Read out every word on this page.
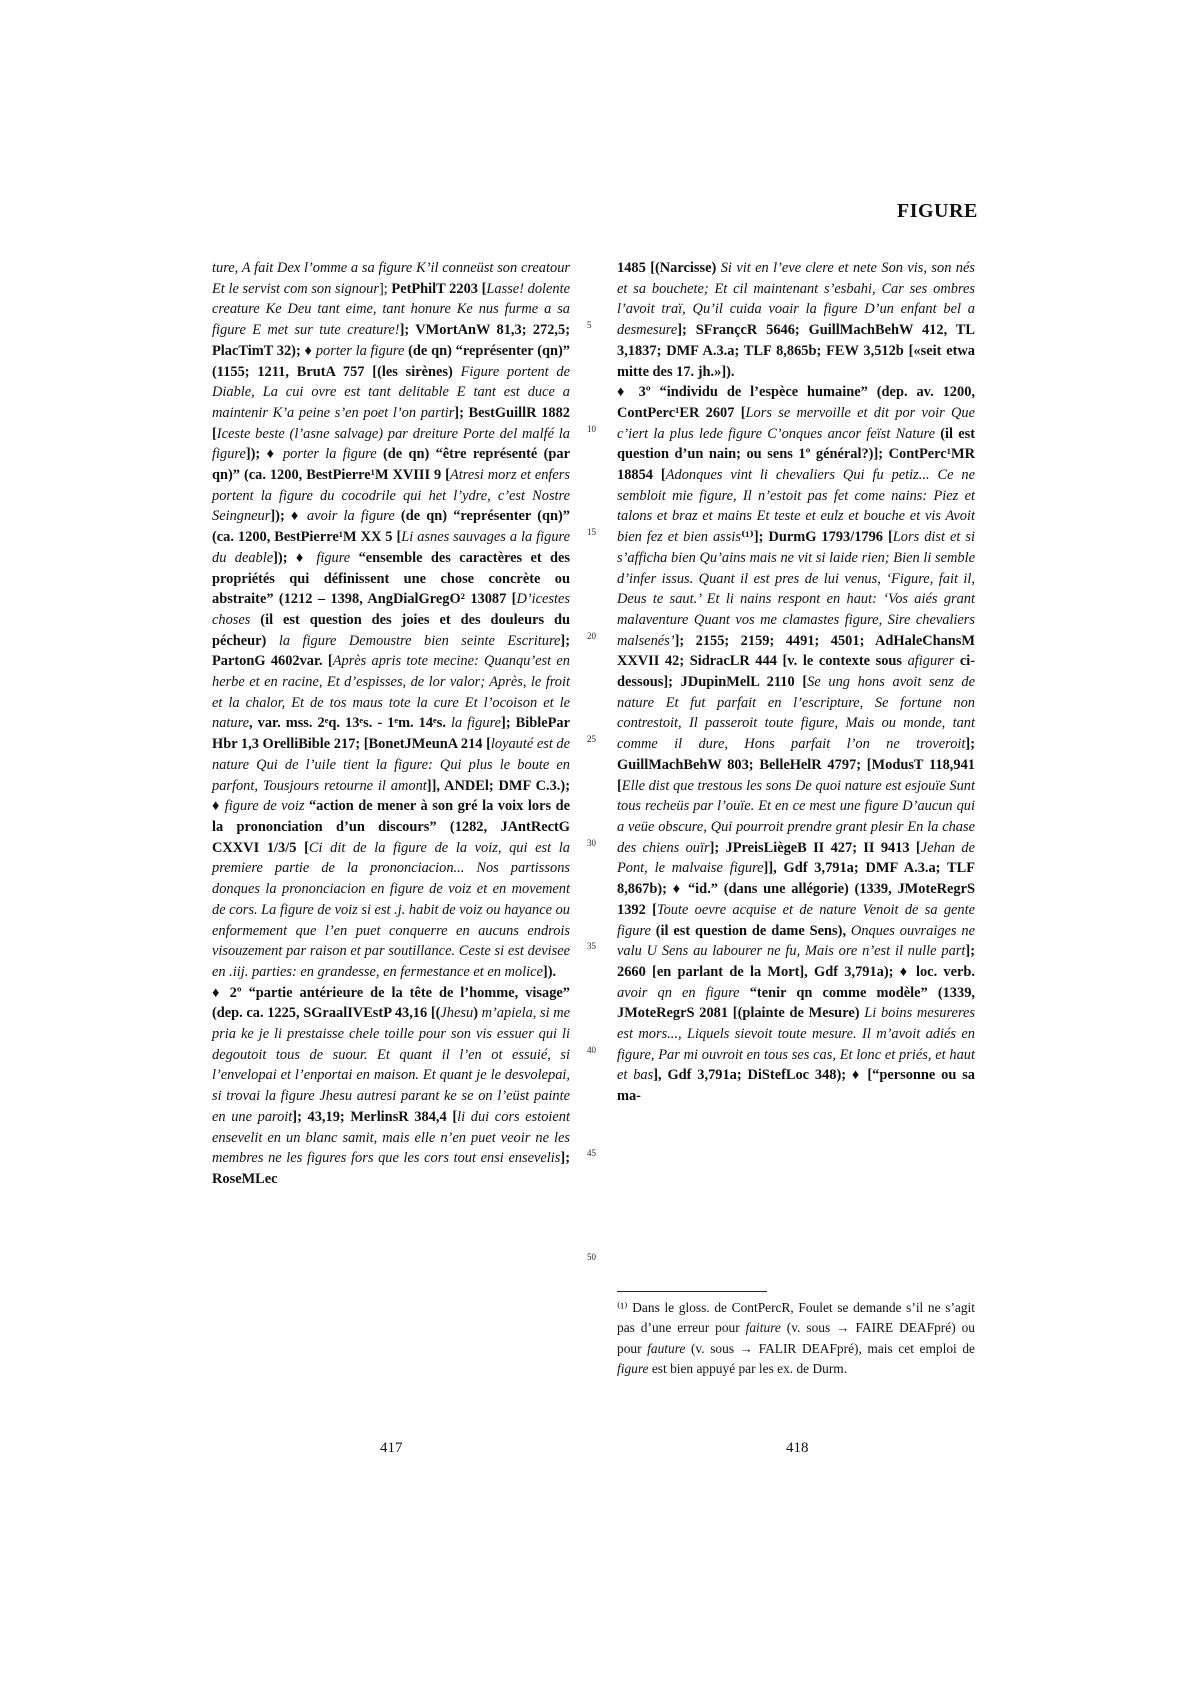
FIGURE
ture, A fait Dex l’omme a sa figure K’il conneüst son creatour Et le servist com son signour]; PetPhilT 2203 [Lasse! dolente creature Ke Deu tant eime, tant honure Ke nus furme a sa figure E met sur tute creature!]; VMortAnW 81,3; 272,5; PlacTimT 32); ♦ porter la figure (de qn) “représenter (qn)” (1155; 1211, BrutA 757 [(les sirènes) Figure portent de Diable, La cui ovre est tant delitable E tant est duce a maintenir K’a peine s’en poet l’on partir]; BestGuillR 1882 [Iceste beste (l’asne salvage) par dreiture Porte del malfé la figure]); ♦ porter la figure (de qn) “être représenté (par qn)” (ca. 1200, BestPierre¹M XVIII 9 [Atresi morz et enfers portent la figure du cocodrile qui het l’ydre, c’est Nostre Seingneur]); ♦ avoir la figure (de qn) “représenter (qn)” (ca. 1200, BestPierre¹M XX 5 [Li asnes sauvages a la figure du deable]); ♦ figure “ensemble des caractères et des propriétés qui définissent une chose concrète ou abstraite” (1212 – 1398, AngDialGregO² 13087 [D’icestes choses (il est question des joies et des douleurs du pécheur) la figure Demoustre bien seinte Escriture]; PartonG 4602var. [Après apris tote mecine: Quanqu’est en herbe et en racine, Et d’espisses, de lor valor; Après, le froit et la chalor, Et de tos maus tote la cure Et l’ocoison et le nature, var. mss. 2ᵉq. 13ᵉs. - 1ᵉm. 14ᵉs. la figure]; BiblePar Hbr 1,3 OrelliBible 217; [BonetJMeunA 214 [loyauté est de nature Qui de l’uile tient la figure: Qui plus le boute en parfont, Tousjours retourne il amont]], ANDEl; DMF C.3.); ♦ figure de voiz “action de mener à son gré la voix lors de la prononciation d’un discours” (1282, JAntRectG CXXVI 1/3/5 [Ci dit de la figure de la voiz, qui est la premiere partie de la prononciacion... Nos partissons donques la prononciacion en figure de voiz et en movement de cors. La figure de voiz si est .j. habit de voiz ou hayance ou enformement que l’en puet conquerre en aucuns endrois visouzement par raison et par soutillance. Ceste si est devisee en .iij. parties: en grandesse, en fermestance et en molice]).
♦ 2º “partie antérieure de la tête de l’homme, visage” (dep. ca. 1225, SGraalIVEstP 43,16 [(Jhesu) m’apiela, si me pria ke je li prestaisse chele toille pour son vis essuer qui li degoutoit tous de suour. Et quant il l’en ot essuié, si l’envelopai et l’enportai en maison. Et quant je le desvolepai, si trovai la figure Jhesu autresi parant ke se on l’eüst painte en une paroit]; 43,19; MerlinsR 384,4 [li dui cors estoient ensevelit en un blanc samit, mais elle n’en puet veoir ne les membres ne les figures fors que les cors tout ensi ensevelis]; RoseMLec
1485 [(Narcisse) Si vit en l’eve clere et nete Son vis, son nés et sa bouchete; Et cil maintenant s’esbahi, Car ses ombres l’avoit traï, Qu’il cuida voair la figure D’un enfant bel a desmesure]; SFrançcR 5646; GuillMachBehW 412, TL 3,1837; DMF A.3.a; TLF 8,865b; FEW 3,512b [«seit etwa mitte des 17. jh.»]).
♦ 3º “individu de l’espèce humaine” (dep. av. 1200, ContPerc¹ER 2607 [Lors se mervoille et dit por voir Que c’iert la plus lede figure C’onques ancor feïst Nature (il est question d’un nain; ou sens 1º général?)]; ContPerc¹MR 18854 [Adonques vint li chevaliers Qui fu petiz... Ce ne sembloit mie figure, Il n’estoit pas fet come nains: Piez et talons et braz et mains Et teste et eulz et bouche et vis Avoit bien fez et bien assis⁽¹⁾]; DurmG 1793/1796 [Lors dist et si s’afficha bien Qu’ains mais ne vit si laide rien; Bien li semble d’infer issus. Quant il est pres de lui venus, ‘Figure, fait il, Deus te saut.’ Et li nains respont en haut: ‘Vos aiés grant malaventure Quant vos me clamastes figure, Sire chevaliers malsenés’]; 2155; 2159; 4491; 4501; AdHaleChansM XXVII 42; SidracLR 444 [v. le contexte sous afigurer ci-dessous]; JDupinMelL 2110 [Se ung hons avoit senz de nature Et fut parfait en l’escripture, Se fortune non contrestoit, Il passeroit toute figure, Mais ou monde, tant comme il dure, Hons parfait l’on ne troveroit]; GuillMachBehW 803; BelleHelR 4797; [ModusT 118,941 [Elle dist que trestous les sons De quoi nature est esjouïe Sunt tous recheüs par l’ouïe. Et en ce mest une figure D’aucun qui a veüe obscure, Qui pourroit prendre grant plesir En la chase des chiens ouïr]; JPreisLiègeB II 427; II 9413 [Jehan de Pont, le malvaise figure]], Gdf 3,791a; DMF A.3.a; TLF 8,867b); ♦ “id.” (dans une allégorie) (1339, JMoteRegrS 1392 [Toute oevre acquise et de nature Venoit de sa gente figure (il est question de dame Sens), Onques ouvraiges ne valu U Sens au labourer ne fu, Mais ore n’est il nulle part]; 2660 [en parlant de la Mort], Gdf 3,791a); ♦ loc. verb. avoir qn en figure “tenir qn comme modèle” (1339, JMoteRegrS 2081 [(plainte de Mesure) Li boins mesureres est mors..., Liquels sievoit toute mesure. Il m’avoit adiés en figure, Par mi ouvroit en tous ses cas, Et lonc et priés, et haut et bas], Gdf 3,791a; DiStefLoc 348); ♦ [“personne ou sa ma-
5
10
15
20
25
30
35
40
45
50
⁽¹⁾ Dans le gloss. de ContPercR, Foulet se demande s’il ne s’agit pas d’une erreur pour faiture (v. sous → FAIRE DEAFpré) ou pour fauture (v. sous → FALIR DEAFpré), mais cet emploi de figure est bien appuyé par les ex. de Durm.
417	418
